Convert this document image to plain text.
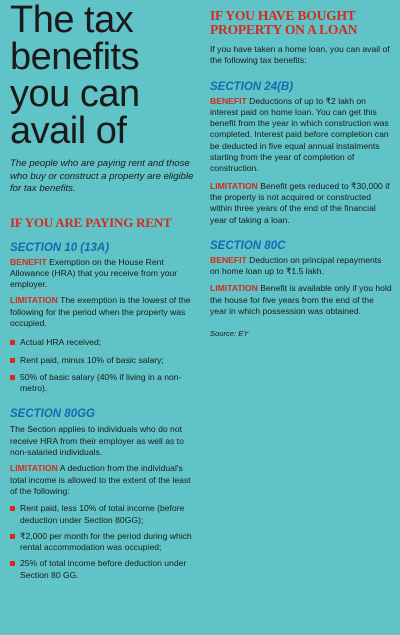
The tax
benefits
you can
avail of
The people who are paying rent and those who buy or construct a property are eligible for tax benefits.
IF YOU ARE PAYING RENT
SECTION 10 (13A)
BENEFIT Exemption on the House Rent Allowance (HRA) that you receive from your employer.
LIMITATION The exemption is the lowest of the following for the period when the property was occupied.
Actual HRA received;
Rent paid, minus 10% of basic salary;
50% of basic salary (40% if living in a non-metro).
SECTION 80GG
The Section applies to individuals who do not receive HRA from their employer as well as to non-salaried individuals.
LIMITATION A deduction from the individual's total income is allowed to the extent of the least of the following:
Rent paid, less 10% of total income (before deduction under Section 80GG);
₹2,000 per month for the period during which rental accommodation was occupied;
25% of total income before deduction under Section 80 GG.
IF YOU HAVE BOUGHT
PROPERTY ON A LOAN
If you have taken a home loan, you can avail of the following tax benefits:
SECTION 24(B)
BENEFIT Deductions of up to ₹2 lakh on interest paid on home loan. You can get this benefit from the year in which construction was completed. Interest paid before completion can be deducted in five equal annual instalments starting from the year of completion of construction.
LIMITATION Benefit gets reduced to ₹30,000 if the property is not acquired or constructed within three years of the end of the financial year of taking a loan.
SECTION 80C
BENEFIT Deduction on principal repayments on home loan up to ₹1.5 lakh.
LIMITATION Benefit is available only if you hold the house for five years from the end of the year in which possession was obtained.
Source: EY
